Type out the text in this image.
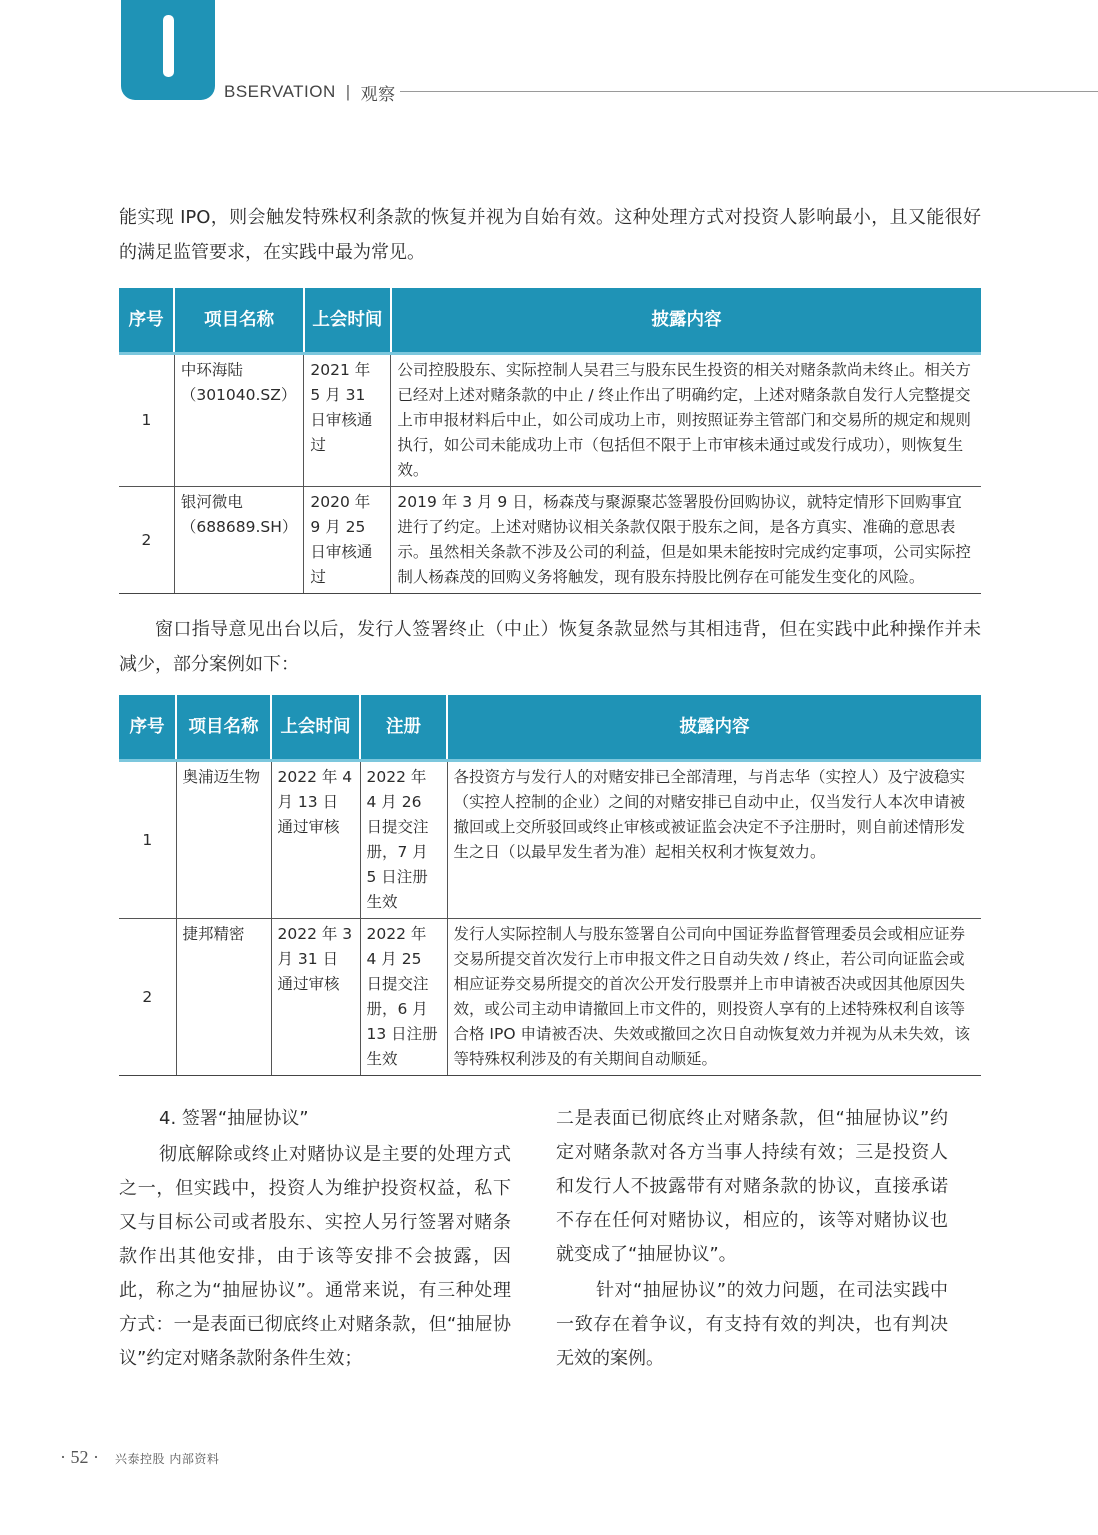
BSERVATION | 观察

能实现 IPO，则会触发特殊权利条款的恢复并视为自始有效。这种处理方式对投资人影响最小，且又能很好的满足监管要求，在实践中最为常见。

序号	项目名称	上会时间	披露内容
1	中环海陆（301040.SZ）	2021 年 5 月 31 日审核通过	公司控股股东、实际控制人吴君三与股东民生投资的相关对赌条款尚未终止。相关方已经对上述对赌条款的中止 / 终止作出了明确约定，上述对赌条款自发行人完整提交上市申报材料后中止，如公司成功上市，则按照证券主管部门和交易所的规定和规则执行，如公司未能成功上市（包括但不限于上市审核未通过或发行成功），则恢复生效。
2	银河微电（688689.SH）	2020 年 9 月 25 日审核通过	2019 年 3 月 9 日，杨森茂与聚源聚芯签署股份回购协议，就特定情形下回购事宜进行了约定。上述对赌协议相关条款仅限于股东之间，是各方真实、准确的意思表示。虽然相关条款不涉及公司的利益，但是如果未能按时完成约定事项，公司实际控制人杨森茂的回购义务将触发，现有股东持股比例存在可能发生变化的风险。

窗口指导意见出台以后，发行人签署终止（中止）恢复条款显然与其相违背，但在实践中此种操作并未减少，部分案例如下：

序号	项目名称	上会时间	注册	披露内容
1	奥浦迈生物	2022 年 4 月 13 日通过审核	2022 年 4 月 26 日提交注册，7 月 5 日注册生效	各投资方与发行人的对赌安排已全部清理，与肖志华（实控人）及宁波稳实（实控人控制的企业）之间的对赌安排已自动中止，仅当发行人本次申请被撤回或上交所驳回或终止审核或被证监会决定不予注册时，则自前述情形发生之日（以最早发生者为准）起相关权利才恢复效力。
2	捷邦精密	2022 年 3 月 31 日通过审核	2022 年 4 月 25 日提交注册，6 月 13 日注册生效	发行人实际控制人与股东签署自公司向中国证券监督管理委员会或相应证券交易所提交首次发行上市申报文件之日自动失效 / 终止，若公司向证监会或相应证券交易所提交的首次公开发行股票并上市申请被否决或因其他原因失效，或公司主动申请撤回上市文件的，则投资人享有的上述特殊权利自该等合格 IPO 申请被否决、失效或撤回之次日自动恢复效力并视为从未失效，该等特殊权利涉及的有关期间自动顺延。

4. 签署“抽屉协议”

彻底解除或终止对赌协议是主要的处理方式之一，但实践中，投资人为维护投资权益，私下又与目标公司或者股东、实控人另行签署对赌条款作出其他安排，由于该等安排不会披露，因此，称之为“抽屉协议”。通常来说，有三种处理方式：一是表面已彻底终止对赌条款，但“抽屉协议”约定对赌条款附条件生效；

二是表面已彻底终止对赌条款，但“抽屉协议”约定对赌条款对各方当事人持续有效；三是投资人和发行人不披露带有对赌条款的协议，直接承诺不存在任何对赌协议，相应的，该等对赌协议也就变成了“抽屉协议”。

针对“抽屉协议”的效力问题，在司法实践中一致存在着争议，有支持有效的判决，也有判决无效的案例。

· 52 · 兴泰控股 内部资料
